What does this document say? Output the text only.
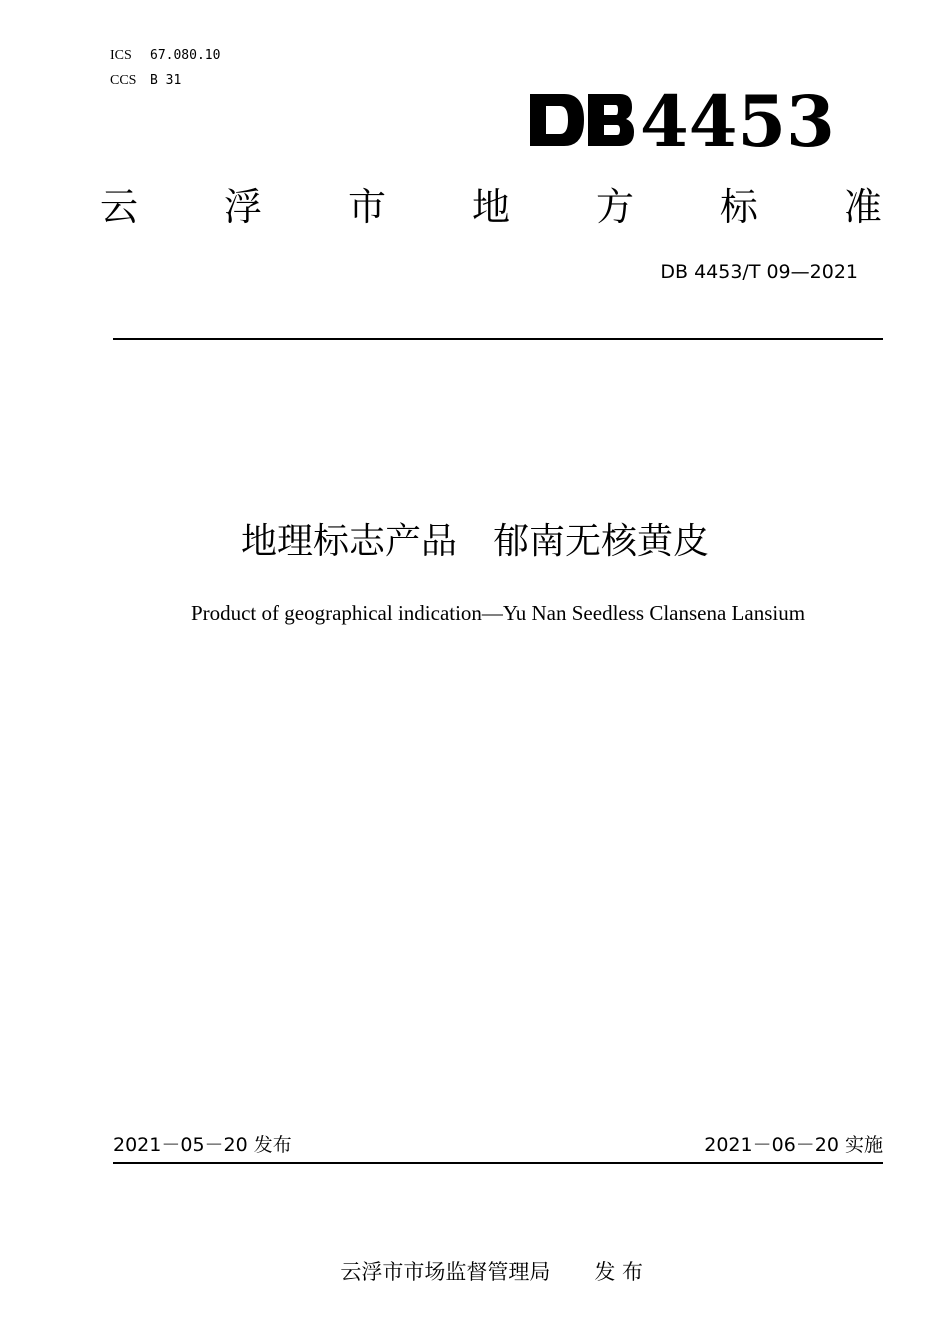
ICS 67.080.10
CCS B 31	4453
云 浮 市 地 方 标 准
DB 4453/T 09—2021
地理标志产品　郁南无核黄皮
Product of geographical indication—Yu Nan Seedless Clansena Lansium
2021－05－20 发布	2021－06－20 实施

云浮市市场监督管理局 发 布
